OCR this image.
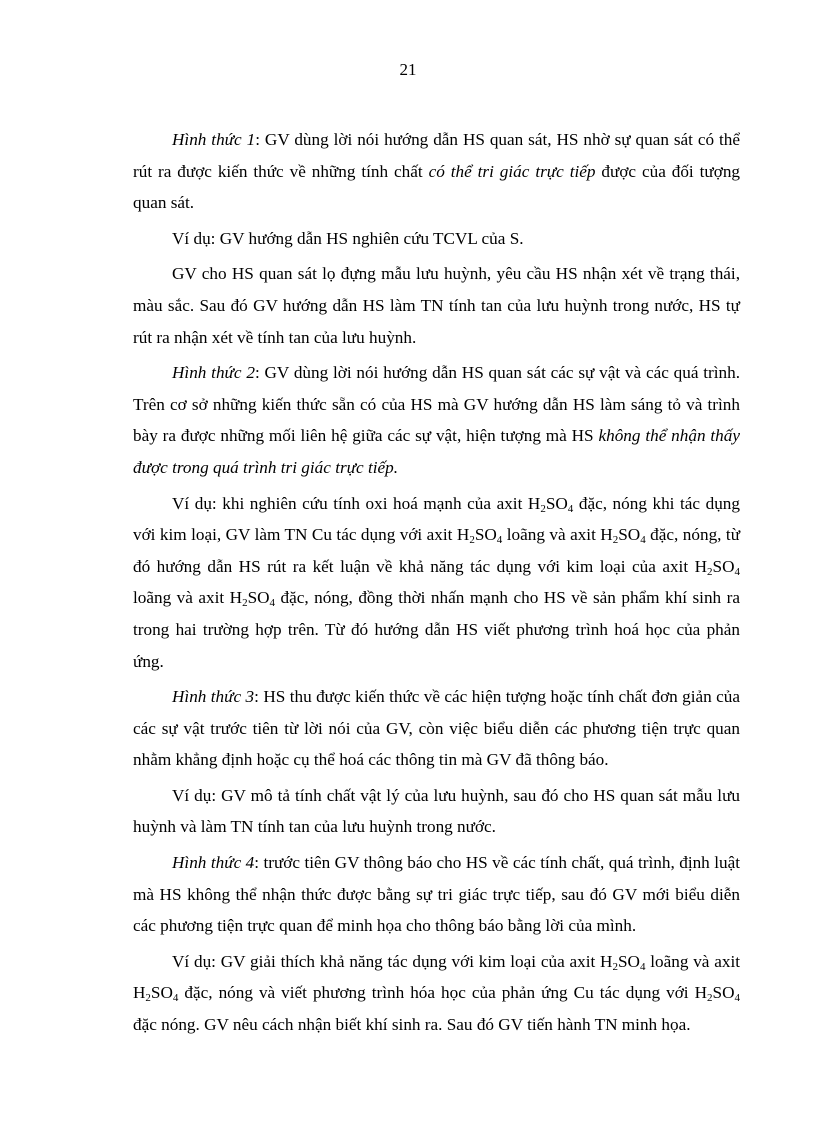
21

Hình thức 1: GV dùng lời nói hướng dẫn HS quan sát, HS nhờ sự quan sát có thể rút ra được kiến thức về những tính chất có thể tri giác trực tiếp được của đối tượng quan sát.

Ví dụ: GV hướng dẫn HS nghiên cứu TCVL của S.

GV cho HS quan sát lọ đựng mẫu lưu huỳnh, yêu cầu HS nhận xét về trạng thái, màu sắc. Sau đó GV hướng dẫn HS làm TN tính tan của lưu huỳnh trong nước, HS tự rút ra nhận xét về tính tan của lưu huỳnh.

Hình thức 2: GV dùng lời nói hướng dẫn HS quan sát các sự vật và các quá trình. Trên cơ sở những kiến thức sẵn có của HS mà GV hướng dẫn HS làm sáng tỏ và trình bày ra được những mối liên hệ giữa các sự vật, hiện tượng mà HS không thể nhận thấy được trong quá trình tri giác trực tiếp.

Ví dụ: khi nghiên cứu tính oxi hoá mạnh của axit $H_2SO_4$ đặc, nóng khi tác dụng với kim loại, GV làm TN Cu tác dụng với axit $H_2SO_4$ loãng và axit $H_2SO_4$ đặc, nóng, từ đó hướng dẫn HS rút ra kết luận về khả năng tác dụng với kim loại của axit $H_2SO_4$ loãng và axit $H_2SO_4$ đặc, nóng, đồng thời nhấn mạnh cho HS về sản phẩm khí sinh ra trong hai trường hợp trên. Từ đó hướng dẫn HS viết phương trình hoá học của phản ứng.

Hình thức 3: HS thu được kiến thức về các hiện tượng hoặc tính chất đơn giản của các sự vật trước tiên từ lời nói của GV, còn việc biểu diễn các phương tiện trực quan nhằm khẳng định hoặc cụ thể hoá các thông tin mà GV đã thông báo.

Ví dụ: GV mô tả tính chất vật lý của lưu huỳnh, sau đó cho HS quan sát mẫu lưu huỳnh và làm TN tính tan của lưu huỳnh trong nước.

Hình thức 4: trước tiên GV thông báo cho HS về các tính chất, quá trình, định luật mà HS không thể nhận thức được bằng sự tri giác trực tiếp, sau đó GV mới biểu diễn các phương tiện trực quan để minh họa cho thông báo bằng lời của mình.

Ví dụ: GV giải thích khả năng tác dụng với kim loại của axit $H_2SO_4$ loãng và axit $H_2SO_4$ đặc, nóng và viết phương trình hóa học của phản ứng Cu tác dụng với $H_2SO_4$ đặc nóng. GV nêu cách nhận biết khí sinh ra. Sau đó GV tiến hành TN minh họa.
